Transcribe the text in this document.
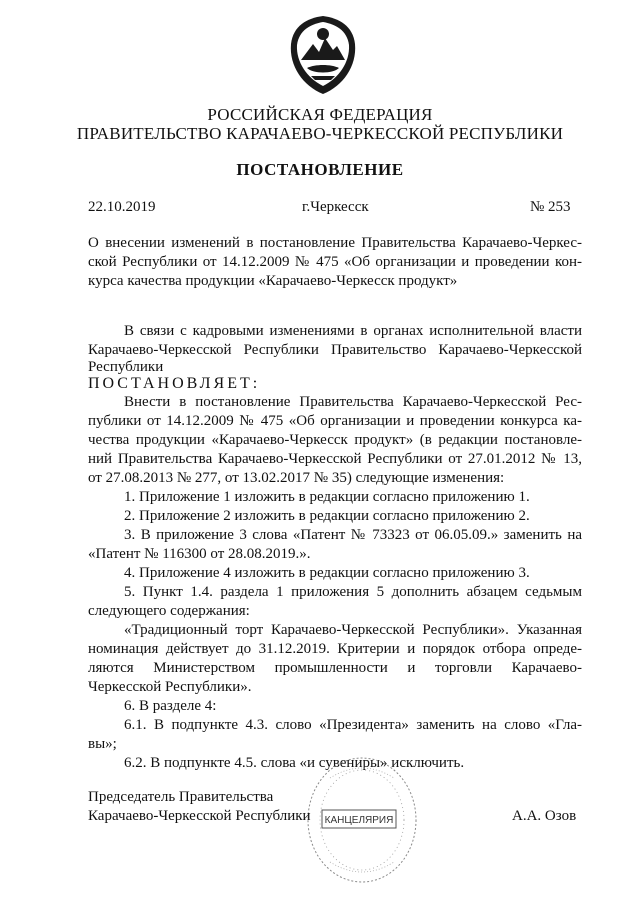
РОССИЙСКАЯ ФЕДЕРАЦИЯ
ПРАВИТЕЛЬСТВО КАРАЧАЕВО-ЧЕРКЕССКОЙ РЕСПУБЛИКИ
ПОСТАНОВЛЕНИЕ
22.10.2019	г.Черкесск	№ 253
О внесении изменений в постановление Правительства Карачаево-Черкес-
ской Республики от 14.12.2009 № 475 «Об организации и проведении кон-
курса качества продукции «Карачаево-Черкесск продукт»
В связи с кадровыми изменениями в органах исполнительной власти
Карачаево-Черкесской Республики Правительство Карачаево-Черкесской
Республики
ПОСТАНОВЛЯЕТ:
Внести в постановление Правительства Карачаево-Черкесской Рес-
публики от 14.12.2009 № 475 «Об организации и проведении конкурса ка-
чества продукции «Карачаево-Черкесск продукт» (в редакции постановле-
ний Правительства Карачаево-Черкесской Республики от 27.01.2012 № 13,
от 27.08.2013 № 277, от 13.02.2017 № 35) следующие изменения:
1. Приложение 1 изложить в редакции согласно приложению 1.
2. Приложение 2 изложить в редакции согласно приложению 2.
3. В приложение 3 слова «Патент № 73323 от 06.05.09.» заменить на
«Патент № 116300 от 28.08.2019.».
4. Приложение 4 изложить в редакции согласно приложению 3.
5. Пункт 1.4. раздела 1 приложения 5 дополнить абзацем седьмым
следующего содержания:
«Традиционный торт Карачаево-Черкесской Республики». Указанная
номинация действует до 31.12.2019. Критерии и порядок отбора опреде-
ляются Министерством промышленности и торговли Карачаево-
Черкесской Республики».
6. В разделе 4:
6.1. В подпункте 4.3. слово «Президента» заменить на слово «Гла-
вы»;
6.2. В подпункте 4.5. слова «и сувениры» исключить.
КАНЦЕЛЯРИЯ
Председатель Правительства
Карачаево-Черкесской Республики	А.А. Озов
